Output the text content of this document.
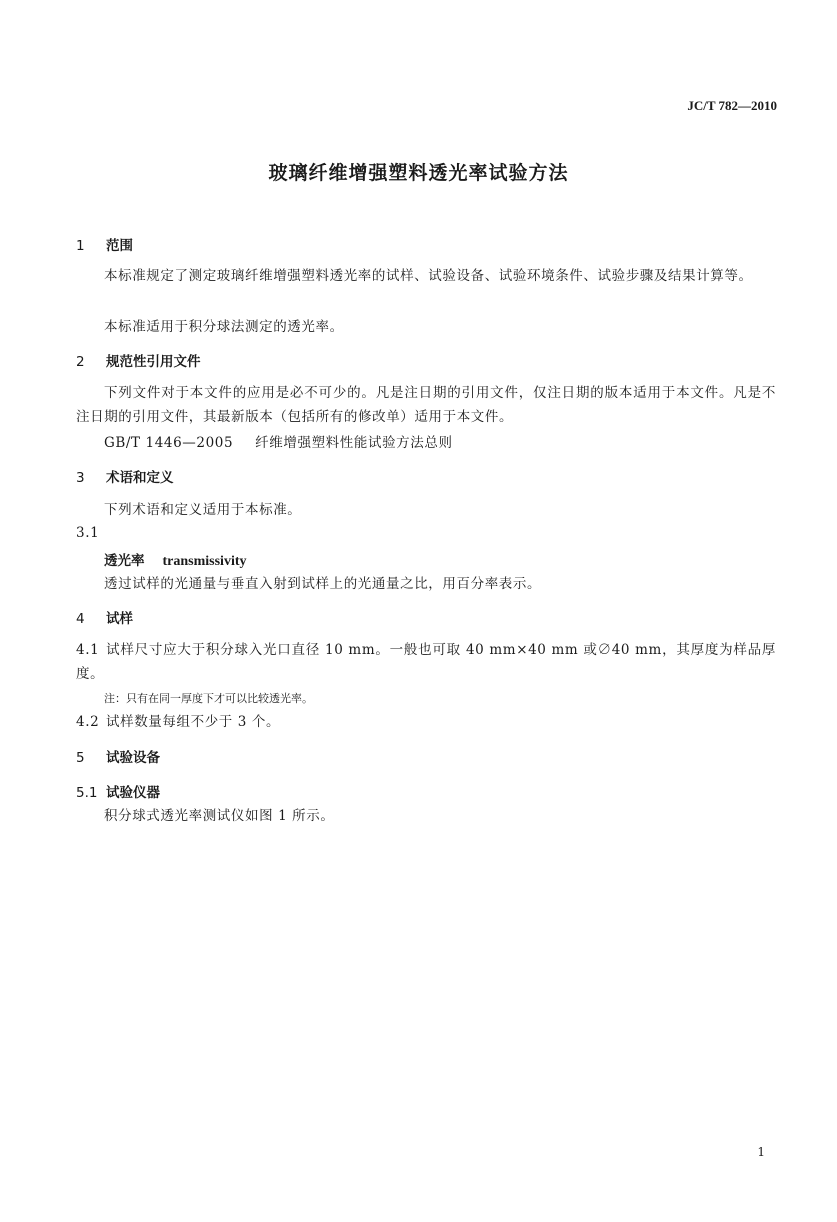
JC/T 782—2010
玻璃纤维增强塑料透光率试验方法
1 范围
本标准规定了测定玻璃纤维增强塑料透光率的试样、试验设备、试验环境条件、试验步骤及结果计算等。
本标准适用于积分球法测定的透光率。
2 规范性引用文件
下列文件对于本文件的应用是必不可少的。凡是注日期的引用文件，仅注日期的版本适用于本文件。凡是不注日期的引用文件，其最新版本（包括所有的修改单）适用于本文件。
GB/T 1446—2005 纤维增强塑料性能试验方法总则
3 术语和定义
下列术语和定义适用于本标准。
3.1
透光率 transmissivity
透过试样的光通量与垂直入射到试样上的光通量之比，用百分率表示。
4 试样
4.1 试样尺寸应大于积分球入光口直径 10 mm。一般也可取 40 mm×40 mm 或∅40 mm，其厚度为样品厚度。
注：只有在同一厚度下才可以比较透光率。
4.2 试样数量每组不少于 3 个。
5 试验设备
5.1 试验仪器
积分球式透光率测试仪如图 1 所示。
1
